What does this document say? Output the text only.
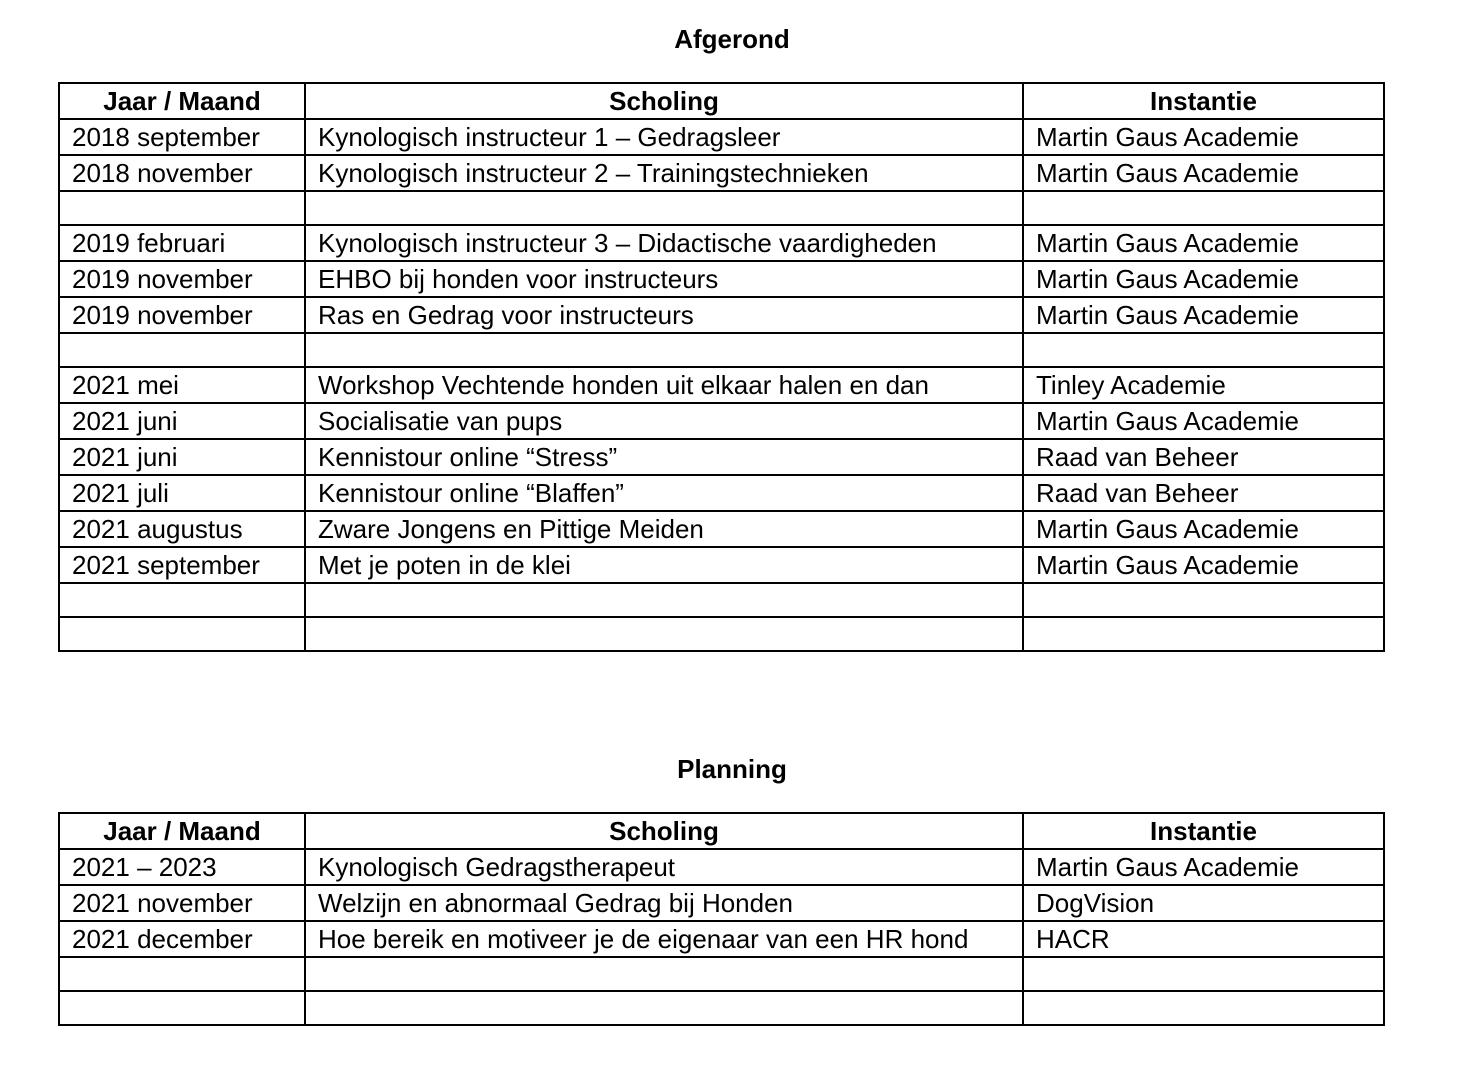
Afgerond
Jaar / Maand	Scholing	Instantie
2018 september	Kynologisch instructeur 1 – Gedragsleer	Martin Gaus Academie
2018 november	Kynologisch instructeur 2 – Trainingstechnieken	Martin Gaus Academie

2019 februari	Kynologisch instructeur 3 – Didactische vaardigheden	Martin Gaus Academie
2019 november	EHBO bij honden voor instructeurs	Martin Gaus Academie
2019 november	Ras en Gedrag voor instructeurs	Martin Gaus Academie

2021 mei	Workshop Vechtende honden uit elkaar halen en dan	Tinley Academie
2021 juni	Socialisatie van pups	Martin Gaus Academie
2021 juni	Kennistour online “Stress”	Raad van Beheer
2021 juli	Kennistour online “Blaffen”	Raad van Beheer
2021 augustus	Zware Jongens en Pittige Meiden	Martin Gaus Academie
2021 september	Met je poten in de klei	Martin Gaus Academie

Planning
Jaar / Maand	Scholing	Instantie
2021 – 2023	Kynologisch Gedragstherapeut	Martin Gaus Academie
2021 november	Welzijn en abnormaal Gedrag bij Honden	DogVision
2021 december	Hoe bereik en motiveer je de eigenaar van een HR hond	HACR
